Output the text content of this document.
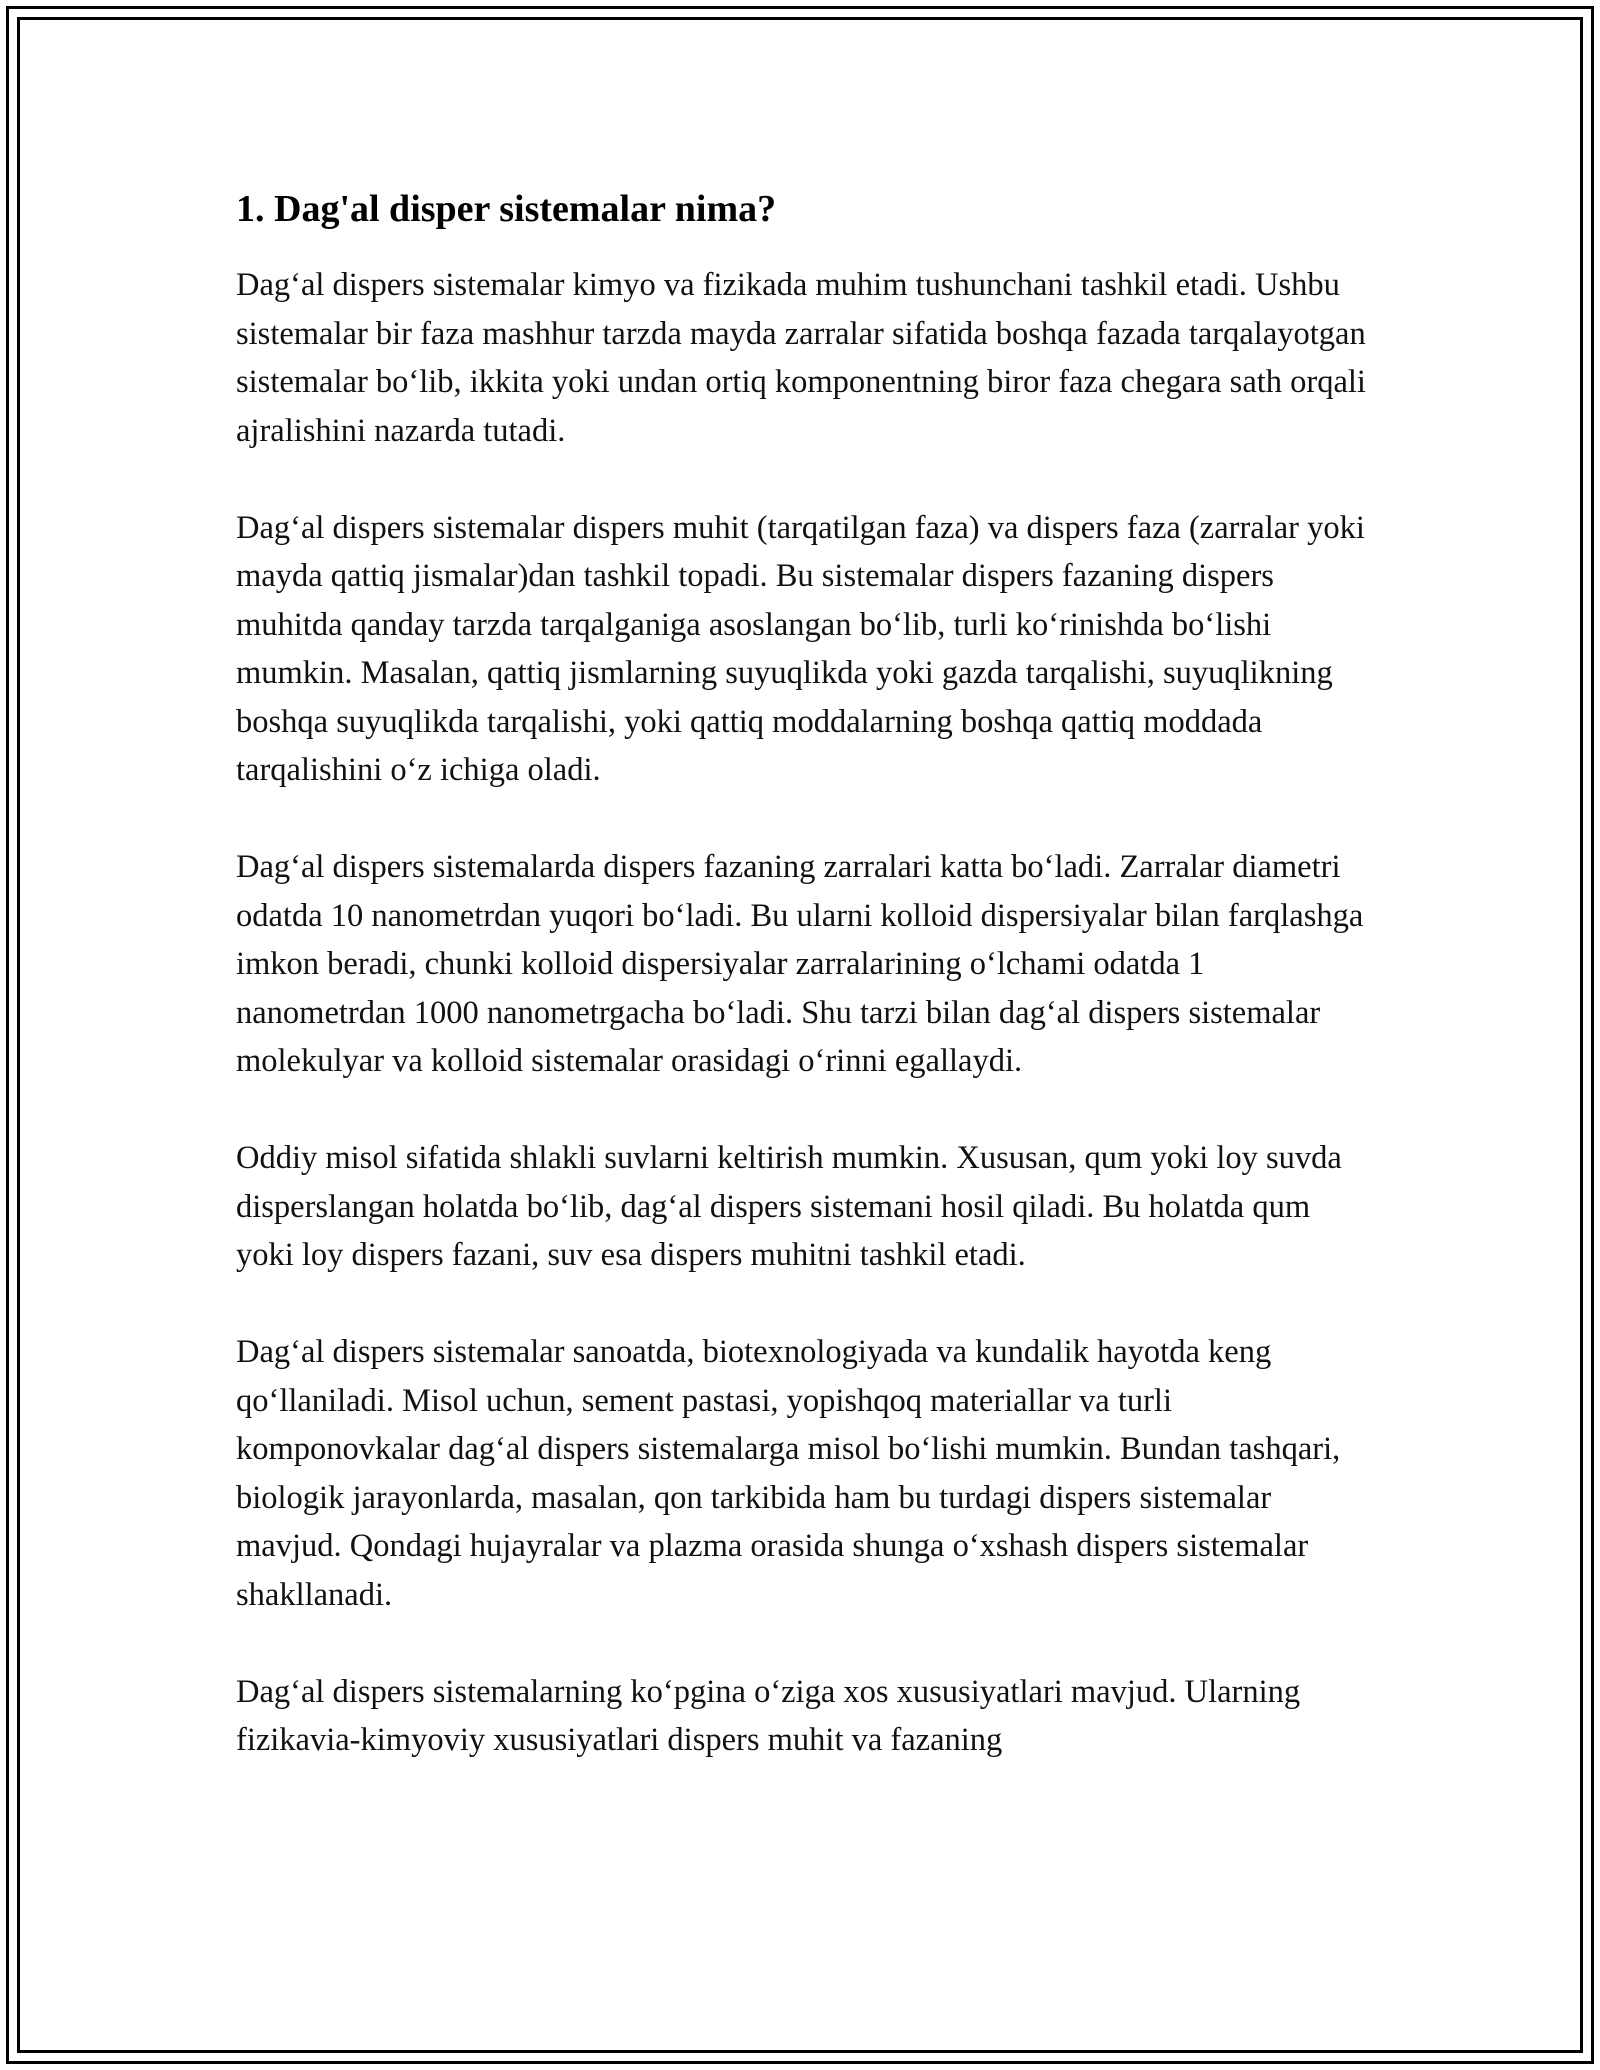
1. Dag'al disper sistemalar nima?

Dag‘al dispers sistemalar kimyo va fizikada muhim tushunchani tashkil etadi. Ushbu sistemalar bir faza mashhur tarzda mayda zarralar sifatida boshqa fazada tarqalayotgan sistemalar bo‘lib, ikkita yoki undan ortiq komponentning biror faza chegara sath orqali ajralishini nazarda tutadi.

Dag‘al dispers sistemalar dispers muhit (tarqatilgan faza) va dispers faza (zarralar yoki mayda qattiq jismalar)dan tashkil topadi. Bu sistemalar dispers fazaning dispers muhitda qanday tarzda tarqalganiga asoslangan bo‘lib, turli ko‘rinishda bo‘lishi mumkin. Masalan, qattiq jismlarning suyuqlikda yoki gazda tarqalishi, suyuqlikning boshqa suyuqlikda tarqalishi, yoki qattiq moddalarning boshqa qattiq moddada tarqalishini o‘z ichiga oladi.

Dag‘al dispers sistemalarda dispers fazaning zarralari katta bo‘ladi. Zarralar diametri odatda 10 nanometrdan yuqori bo‘ladi. Bu ularni kolloid dispersiyalar bilan farqlashga imkon beradi, chunki kolloid dispersiyalar zarralarining o‘lchami odatda 1 nanometrdan 1000 nanometrgacha bo‘ladi. Shu tarzi bilan dag‘al dispers sistemalar molekulyar va kolloid sistemalar orasidagi o‘rinni egallaydi.

Oddiy misol sifatida shlakli suvlarni keltirish mumkin. Xususan, qum yoki loy suvda disperslangan holatda bo‘lib, dag‘al dispers sistemani hosil qiladi. Bu holatda qum yoki loy dispers fazani, suv esa dispers muhitni tashkil etadi.

Dag‘al dispers sistemalar sanoatda, biotexnologiyada va kundalik hayotda keng qo‘llaniladi. Misol uchun, sement pastasi, yopishqoq materiallar va turli komponovkalar dag‘al dispers sistemalarga misol bo‘lishi mumkin. Bundan tashqari, biologik jarayonlarda, masalan, qon tarkibida ham bu turdagi dispers sistemalar mavjud. Qondagi hujayralar va plazma orasida shunga o‘xshash dispers sistemalar shakllanadi.

Dag‘al dispers sistemalarning ko‘pgina o‘ziga xos xususiyatlari mavjud. Ularning fizikavia-kimyoviy xususiyatlari dispers muhit va fazaning
